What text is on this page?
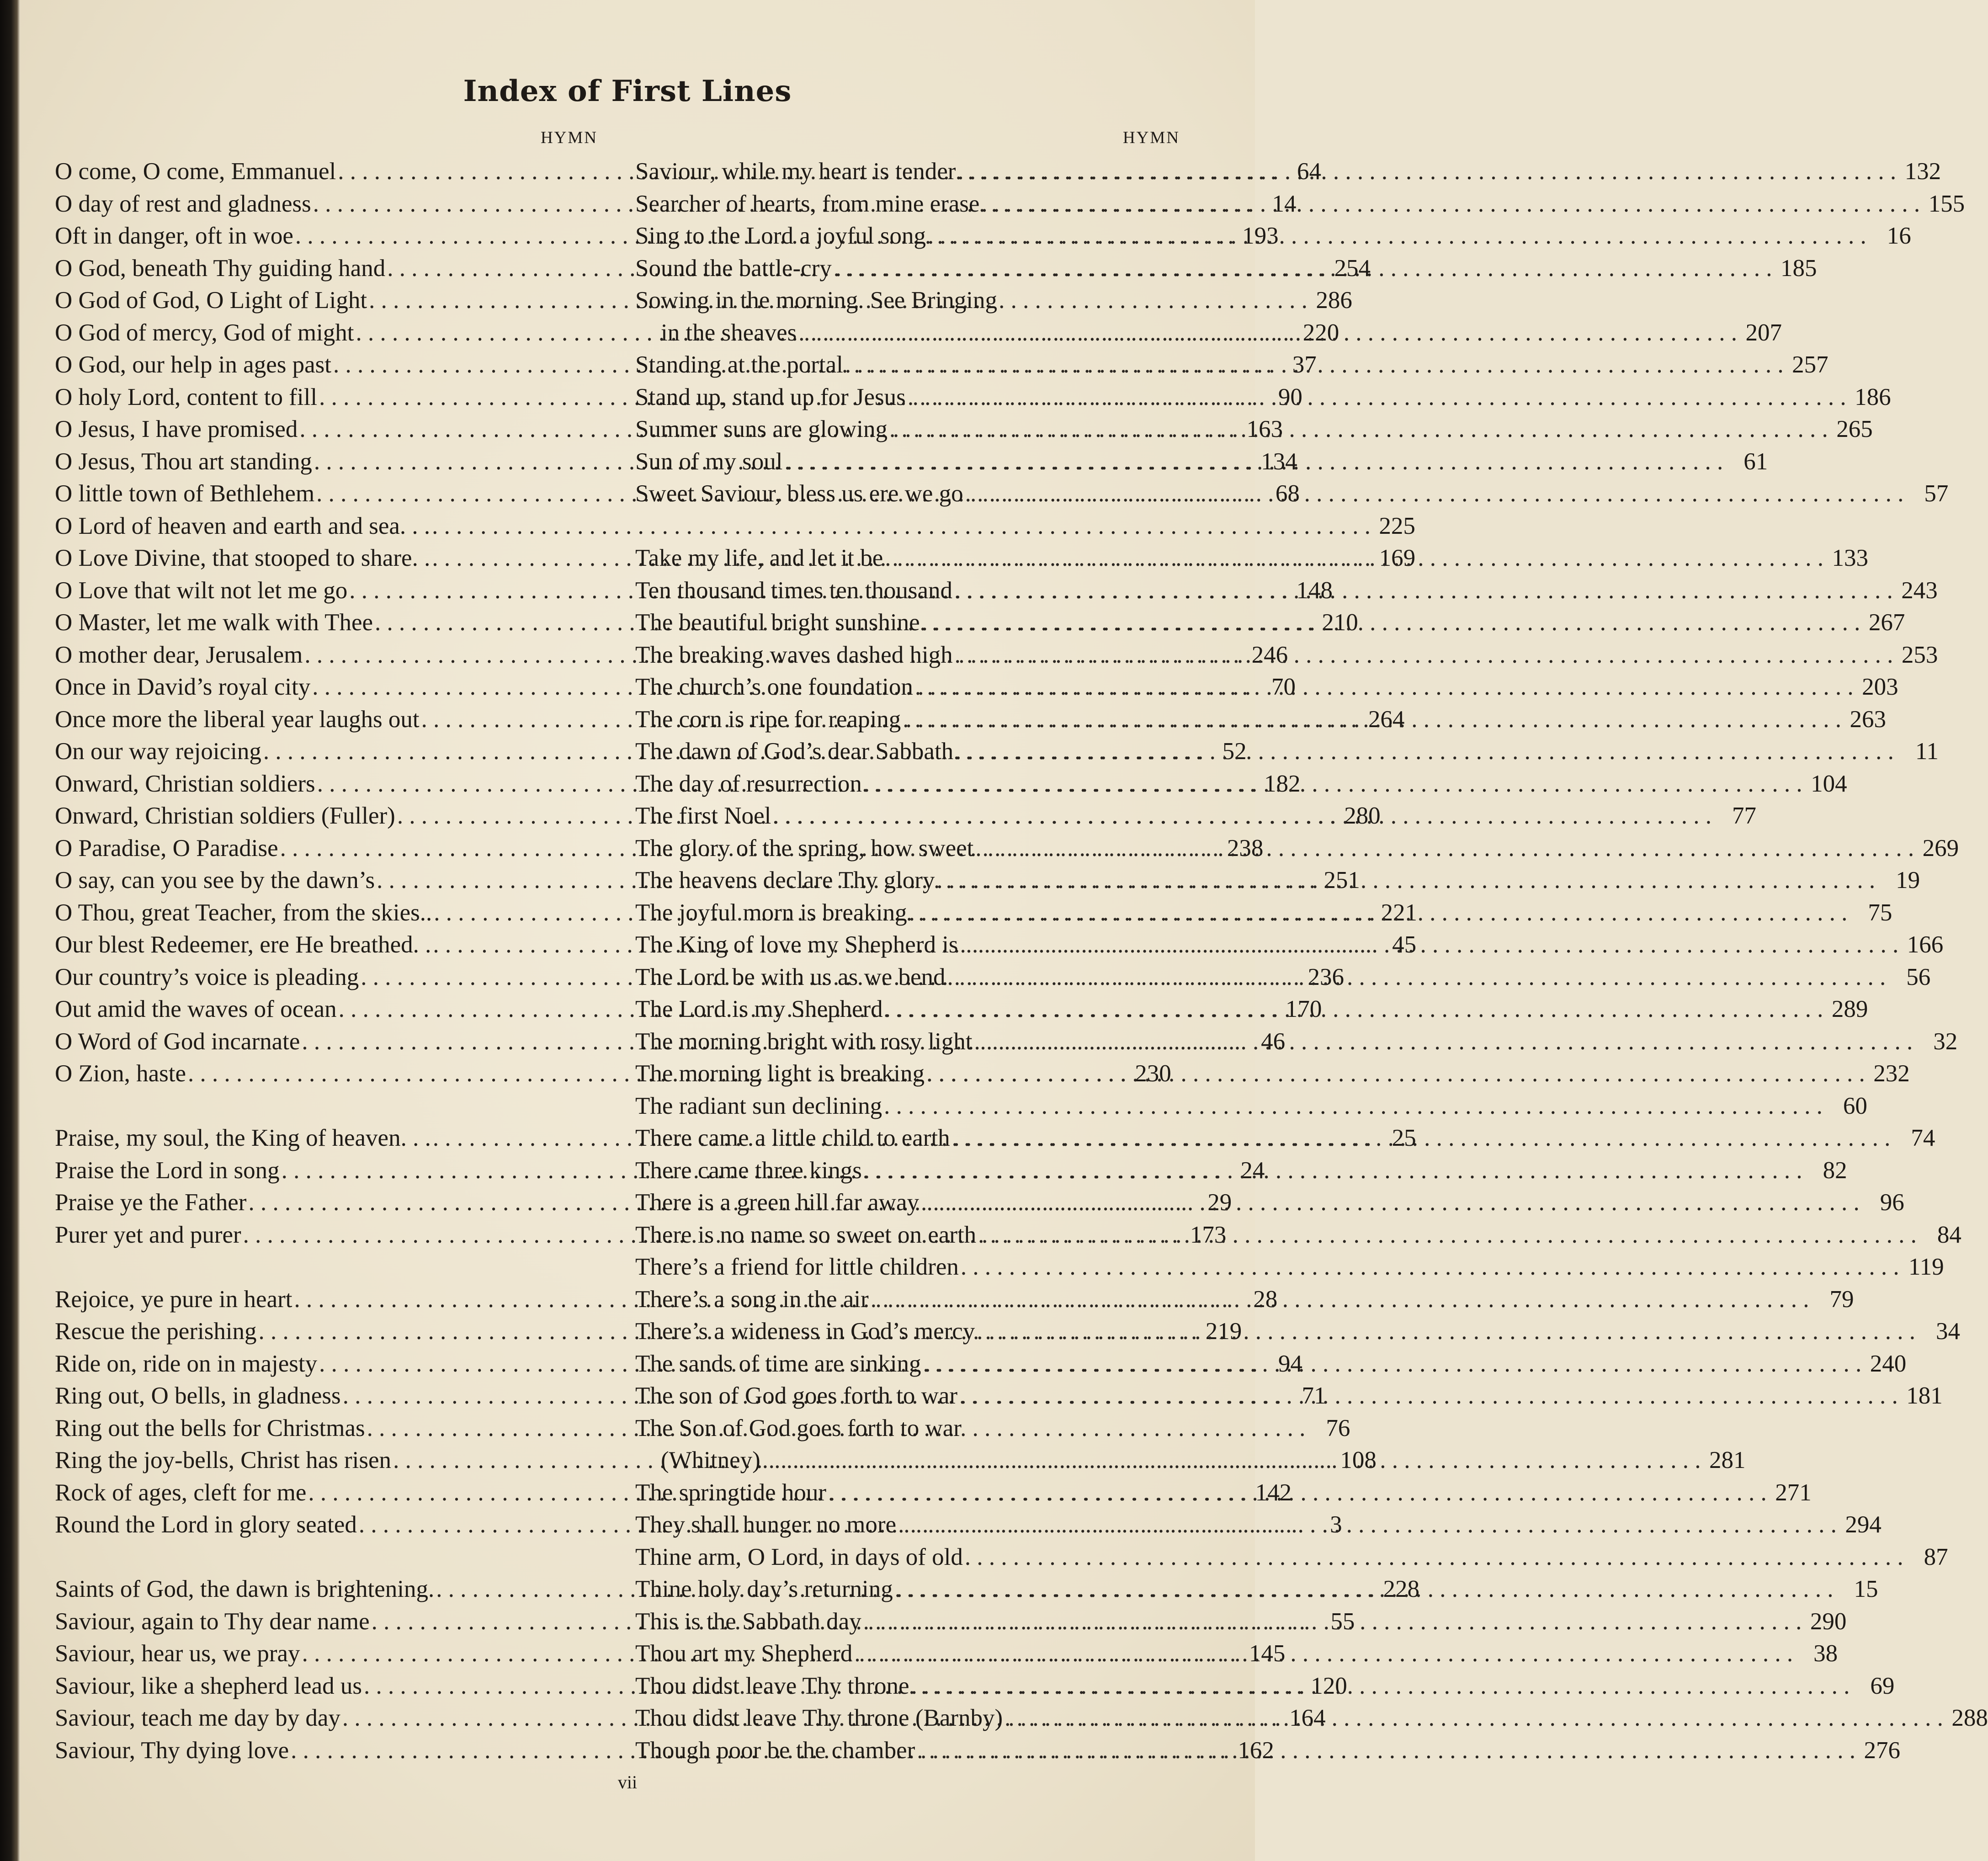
Index of First Lines
HYMN
O come, O come, Emmanuel . . .	64
O day of rest and gladness . . .	14
Oft in danger, oft in woe . . .	193
O God, beneath Thy guiding hand . . .	254
O God of God, O Light of Light . . .	286
O God of mercy, God of might . . .	220
O God, our help in ages past . . .	37
O holy Lord, content to fill . . .	90
O Jesus, I have promised . . .	163
O Jesus, Thou art standing . . .	134
O little town of Bethlehem . . .	68
O Lord of heaven and earth and sea. . . . . .	225
O Love Divine, that stooped to share. . . . .	169
O Love that wilt not let me go . . .	148
O Master, let me walk with Thee . . .	210
O mother dear, Jerusalem . . .	246
Once in David’s royal city . . .	70
Once more the liberal year laughs out . . .	264
On our way rejoicing . . .	52
Onward, Christian soldiers . . .	182
Onward, Christian soldiers (Fuller) . . .	280
O Paradise, O Paradise . . .	238
O say, can you see by the dawn’s . . .	251
O Thou, great Teacher, from the skies.. . . .	221
Our blest Redeemer, ere He breathed. . . . .	45
Our country’s voice is pleading . . .	236
Out amid the waves of ocean . . .	170
O Word of God incarnate . . .	46
O Zion, haste . . .	230
Praise, my soul, the King of heaven. . . . . .	25
Praise the Lord in song . . .	24
Praise ye the Father . . .	29
Purer yet and purer . . .	173
Rejoice, ye pure in heart . . .	28
Rescue the perishing . . .	219
Ride on, ride on in majesty . . .	94
Ring out, O bells, in gladness . . .	71
Ring out the bells for Christmas . . .	76
Ring the joy-bells, Christ has risen . . .	108
Rock of ages, cleft for me . . .	142
Round the Lord in glory seated . . .	3
Saints of God, the dawn is brightening. . . .	228
Saviour, again to Thy dear name . . .	55
Saviour, hear us, we pray . . .	145
Saviour, like a shepherd lead us . . .	120
Saviour, teach me day by day . . .	164
Saviour, Thy dying love . . .	162
HYMN
Saviour, while my heart is tender . . .	132
Searcher of hearts, from mine erase . . .	155
Sing to the Lord a joyful song . . .	16
Sound the battle-cry . . .	185
Sowing in the morning. See Bringing
in the sheaves . . .	207
Standing at the portal . . .	257
Stand up, stand up for Jesus . . .	186
Summer suns are glowing . . .	265
Sun of my soul . . .	61
Sweet Saviour, bless us ere we go . . .	57
Take my life, and let it be . . .	133
Ten thousand times ten thousand . . .	243
The beautiful bright sunshine . . .	267
The breaking waves dashed high . . .	253
The church’s one foundation . . .	203
The corn is ripe for reaping . . .	263
The dawn of God’s dear Sabbath . . .	11
The day of resurrection . . .	104
The first Noel . . .	77
The glory of the spring, how sweet . . .	269
The heavens declare Thy glory . . .	19
The joyful morn is breaking . . .	75
The King of love my Shepherd is . . .	166
The Lord be with us as we bend . . .	56
The Lord is my Shepherd . . .	289
The morning bright with rosy light . . .	32
The morning light is breaking . . .	232
The radiant sun declining . . .	60
There came a little child to earth . . .	74
There came three kings . . .	82
There is a green hill far away . . .	96
There is no name so sweet on earth . . .	84
There’s a friend for little children . . .	119
There’s a song in the air . . .	79
There’s a wideness in God’s mercy . . .	34
The sands of time are sinking . . .	240
The son of God goes forth to war . . .	181
The Son of God goes forth to war
(Whitney) . . .	281
The springtide hour . . .	271
They shall hunger no more . . .	294
Thine arm, O Lord, in days of old . . .	87
Thine holy day’s returning . . .	15
This is the Sabbath day . . .	290
Thou art my Shepherd . . .	38
Thou didst leave Thy throne . . .	69
Thou didst leave Thy throne (Barnby) . . .	288
Though poor be the chamber . . .	276
vii
